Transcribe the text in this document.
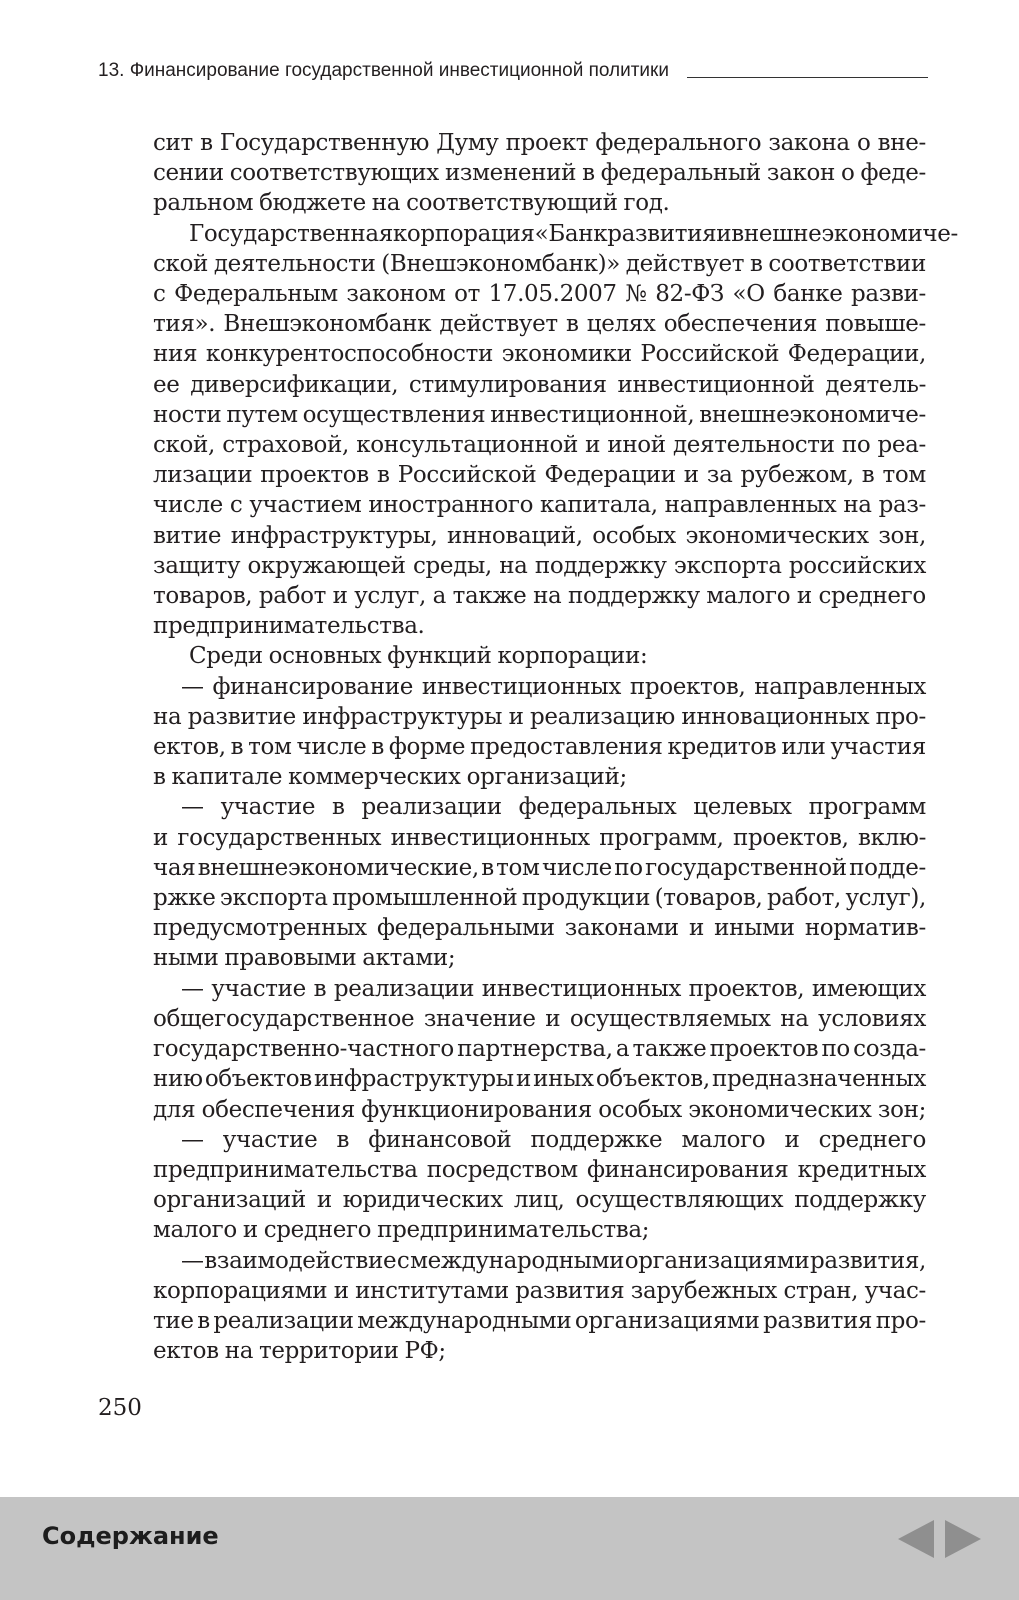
13. Финансирование государственной инвестиционной политики
сит в Государственную Думу проект федерального закона о вне-
сении соответствующих изменений в федеральный закон о феде-
ральном бюджете на соответствующий год.
Государственная корпорация «Банк развития и внешнеэкономиче-
ской деятельности (Внешэкономбанк)» действует в соответствии
с Федеральным законом от 17.05.2007 № 82-ФЗ «О банке разви-
тия». Внешэкономбанк действует в целях обеспечения повыше-
ния конкурентоспособности экономики Российской Федерации,
ее диверсификации, стимулирования инвестиционной деятель-
ности путем осуществления инвестиционной, внешнеэкономиче-
ской, страховой, консультационной и иной деятельности по реа-
лизации проектов в Российской Федерации и за рубежом, в том
числе с участием иностранного капитала, направленных на раз-
витие инфраструктуры, инноваций, особых экономических зон,
защиту окружающей среды, на поддержку экспорта российских
товаров, работ и услуг, а также на поддержку малого и среднего
предпринимательства.
Среди основных функций корпорации:
— финансирование инвестиционных проектов, направленных
на развитие инфраструктуры и реализацию инновационных про-
ектов, в том числе в форме предоставления кредитов или участия
в капитале коммерческих организаций;
— участие в реализации федеральных целевых программ
и государственных инвестиционных программ, проектов, вклю-
чая внешнеэкономические, в том числе по государственной подде-
ржке экспорта промышленной продукции (товаров, работ, услуг),
предусмотренных федеральными законами и иными норматив-
ными правовыми актами;
— участие в реализации инвестиционных проектов, имеющих
общегосударственное значение и осуществляемых на условиях
государственно-частного партнерства, а также проектов по созда-
нию объектов инфраструктуры и иных объектов, предназначенных
для обеспечения функционирования особых экономических зон;
— участие в финансовой поддержке малого и среднего
предпринимательства посредством финансирования кредитных
организаций и юридических лиц, осуществляющих поддержку
малого и среднего предпринимательства;
— взаимодействие с международными организациями развития,
корпорациями и институтами развития зарубежных стран, учас-
тие в реализации международными организациями развития про-
ектов на территории РФ;
250
Содержание
